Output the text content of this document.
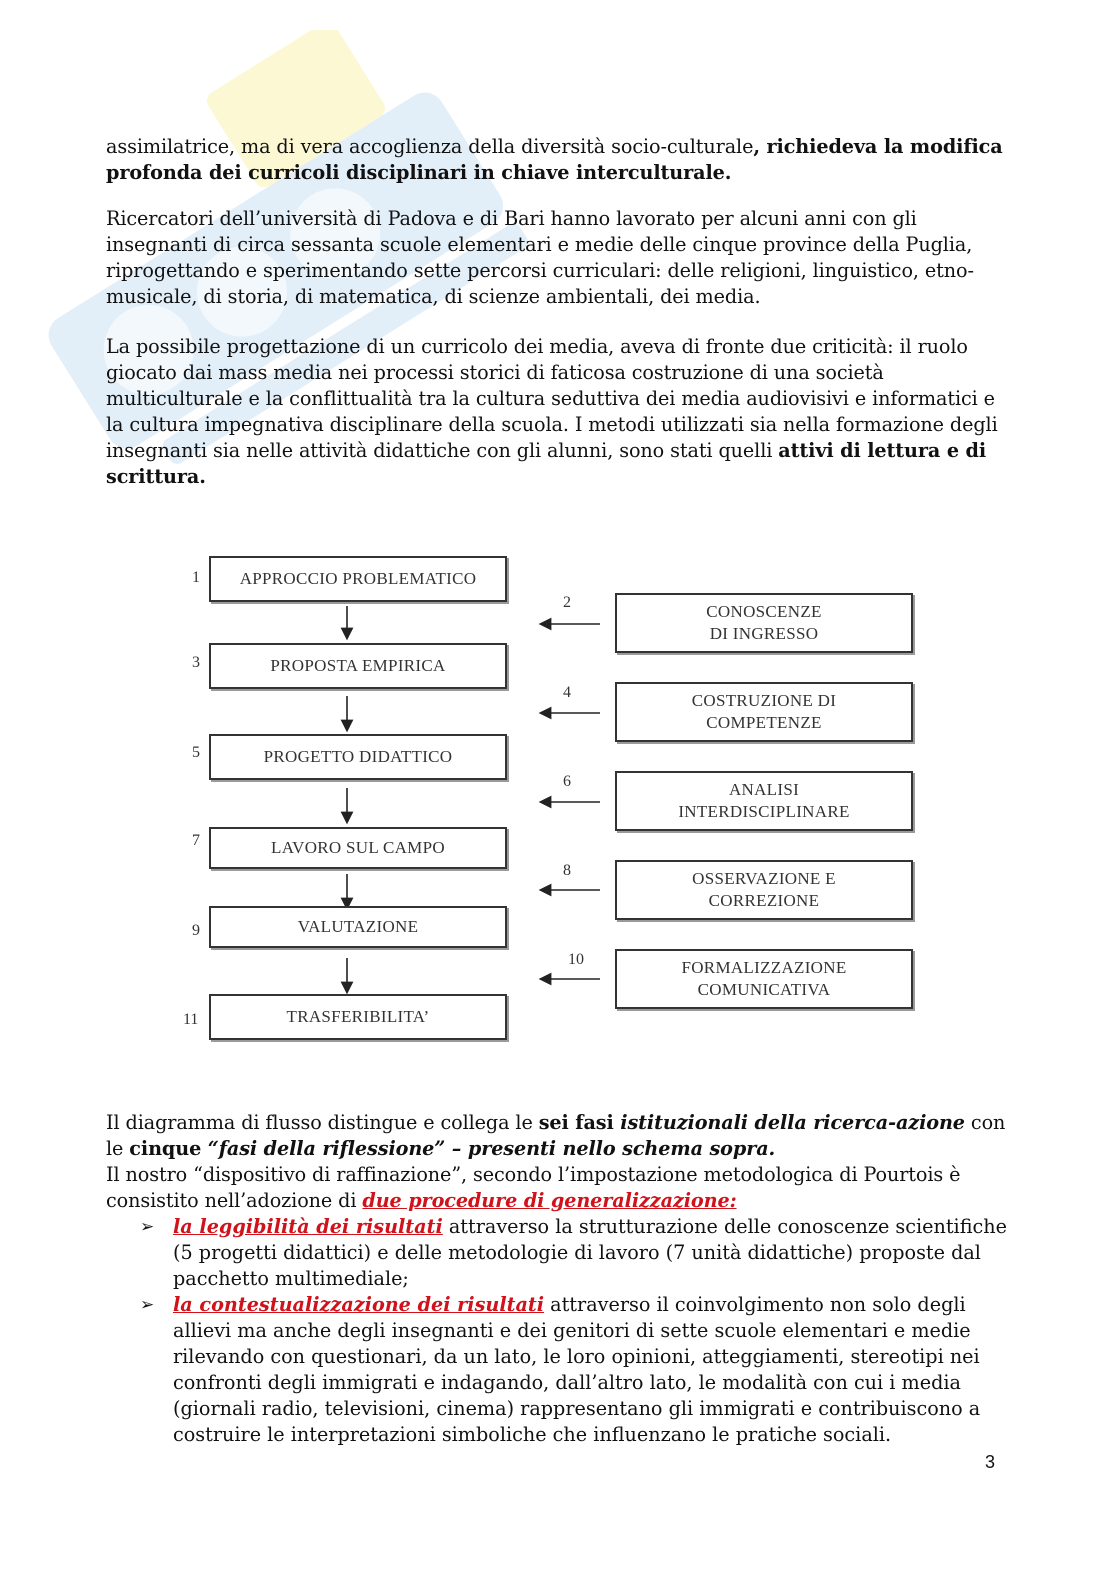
assimilatrice, ma di vera accoglienza della diversità socio-culturale, richiedeva la modifica profonda dei curricoli disciplinari in chiave interculturale.

Ricercatori dell’università di Padova e di Bari hanno lavorato per alcuni anni con gli insegnanti di circa sessanta scuole elementari e medie delle cinque province della Puglia, riprogettando e sperimentando sette percorsi curriculari: delle religioni, linguistico, etno-musicale, di storia, di matematica, di scienze ambientali, dei media.

La possibile progettazione di un curricolo dei media, aveva di fronte due criticità: il ruolo giocato dai mass media nei processi storici di faticosa costruzione di una società multiculturale e la conflittualità tra la cultura seduttiva dei media audiovisivi e informatici e la cultura impegnativa disciplinare della scuola. I metodi utilizzati sia nella formazione degli insegnanti sia nelle attività didattiche con gli alunni, sono stati quelli attivi di lettura e di scrittura.

1	APPROCCIO PROBLEMATICO
3	PROPOSTA EMPIRICA
5	PROGETTO DIDATTICO
7	LAVORO SUL CAMPO
9	VALUTAZIONE
11	TRASFERIBILITA’
2	CONOSCENZE
DI INGRESSO
4	COSTRUZIONE DI
COMPETENZE
6	ANALISI
INTERDISCIPLINARE
8	OSSERVAZIONE E
CORREZIONE
10	FORMALIZZAZIONE
COMUNICATIVA

Il diagramma di flusso distingue e collega le sei fasi istituzionali della ricerca-azione con le cinque “fasi della riflessione” – presenti nello schema sopra.

Il nostro “dispositivo di raffinazione”, secondo l’impostazione metodologica di Pourtois è consistito nell’adozione di due procedure di generalizzazione:

➢ la leggibilità dei risultati attraverso la strutturazione delle conoscenze scientifiche (5 progetti didattici) e delle metodologie di lavoro (7 unità didattiche) proposte dal pacchetto multimediale;
➢ la contestualizzazione dei risultati attraverso il coinvolgimento non solo degli allievi ma anche degli insegnanti e dei genitori di sette scuole elementari e medie rilevando con questionari, da un lato, le loro opinioni, atteggiamenti, stereotipi nei confronti degli immigrati e indagando, dall’altro lato, le modalità con cui i media (giornali radio, televisioni, cinema) rappresentano gli immigrati e contribuiscono a costruire le interpretazioni simboliche che influenzano le pratiche sociali.
3
